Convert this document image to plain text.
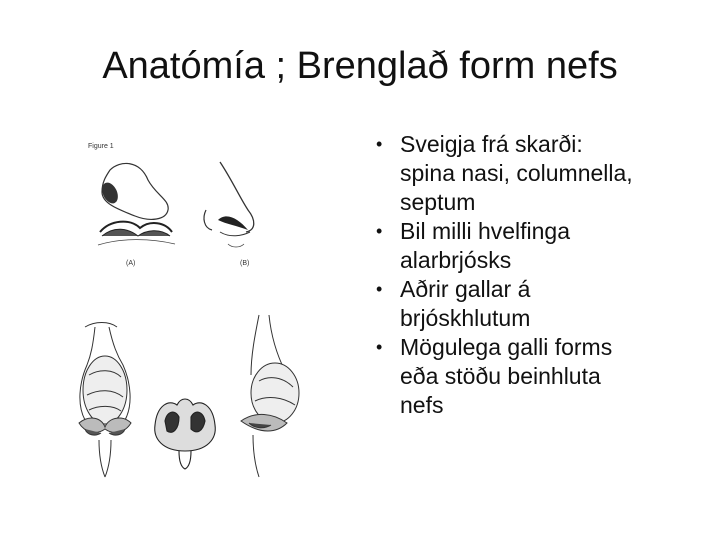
Anatómía ; Brenglað form nefs
Figure 1
(A)	(B)
• Sveigja frá skarði:
spina nasi, columnella,
septum
• Bil milli hvelfinga
alarbrjósks
• Aðrir gallar á
brjóskhlutum
• Mögulega galli forms
eða stöðu beinhluta
nefs
